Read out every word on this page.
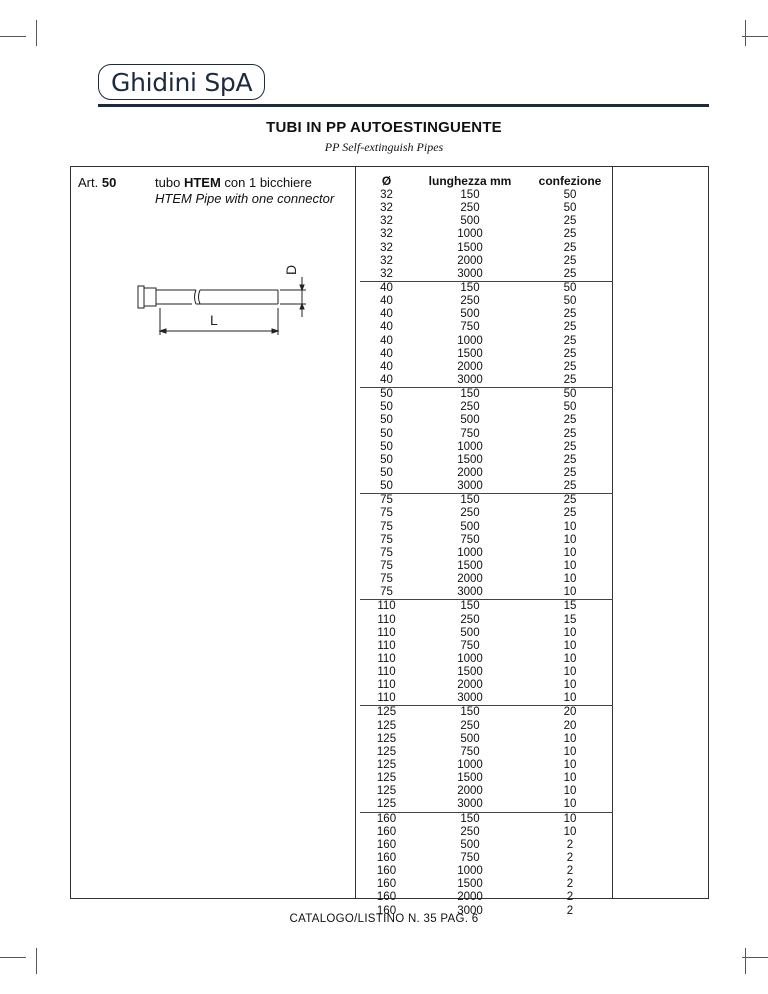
Ghidini SpA
TUBI IN PP AUTOESTINGUENTE
PP Self-extinguish Pipes
Art. 50	tubo HTEM con 1 bicchiere
HTEM Pipe with one connector
L
D
Ø	lunghezza mm	confezione
32	150	50
32	250	50
32	500	25
32	1000	25
32	1500	25
32	2000	25
32	3000	25
40	150	50
40	250	50
40	500	25
40	750	25
40	1000	25
40	1500	25
40	2000	25
40	3000	25
50	150	50
50	250	50
50	500	25
50	750	25
50	1000	25
50	1500	25
50	2000	25
50	3000	25
75	150	25
75	250	25
75	500	10
75	750	10
75	1000	10
75	1500	10
75	2000	10
75	3000	10
110	150	15
110	250	15
110	500	10
110	750	10
110	1000	10
110	1500	10
110	2000	10
110	3000	10
125	150	20
125	250	20
125	500	10
125	750	10
125	1000	10
125	1500	10
125	2000	10
125	3000	10
160	150	10
160	250	10
160	500	2
160	750	2
160	1000	2
160	1500	2
160	2000	2
160	3000	2
CATALOGO/LISTINO N. 35 PAG. 6
